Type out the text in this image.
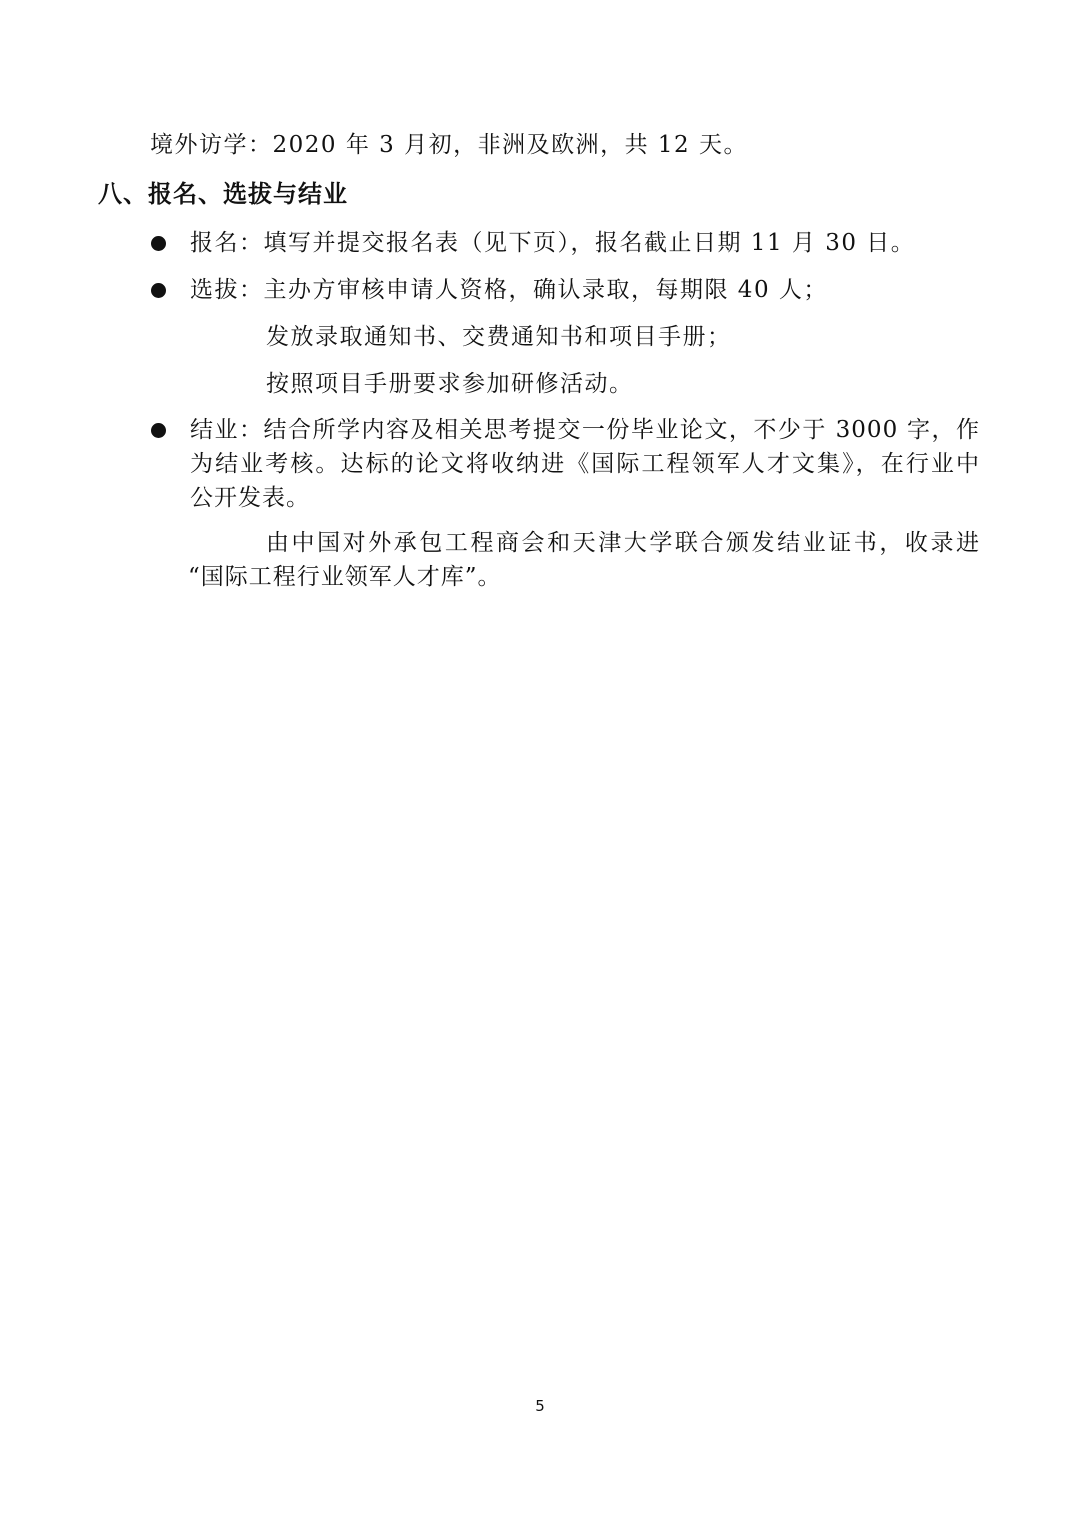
境外访学：2020 年 3 月初，非洲及欧洲，共 12 天。
八、报名、选拔与结业
报名：填写并提交报名表（见下页），报名截止日期 11 月 30 日。
选拔：主办方审核申请人资格，确认录取，每期限 40 人；
发放录取通知书、交费通知书和项目手册；
按照项目手册要求参加研修活动。
结业：结合所学内容及相关思考提交一份毕业论文，不少于 3000 字，作
为结业考核。达标的论文将收纳进《国际工程领军人才文集》，在行业中
公开发表。
由中国对外承包工程商会和天津大学联合颁发结业证书，收录进
“国际工程行业领军人才库”。
5
